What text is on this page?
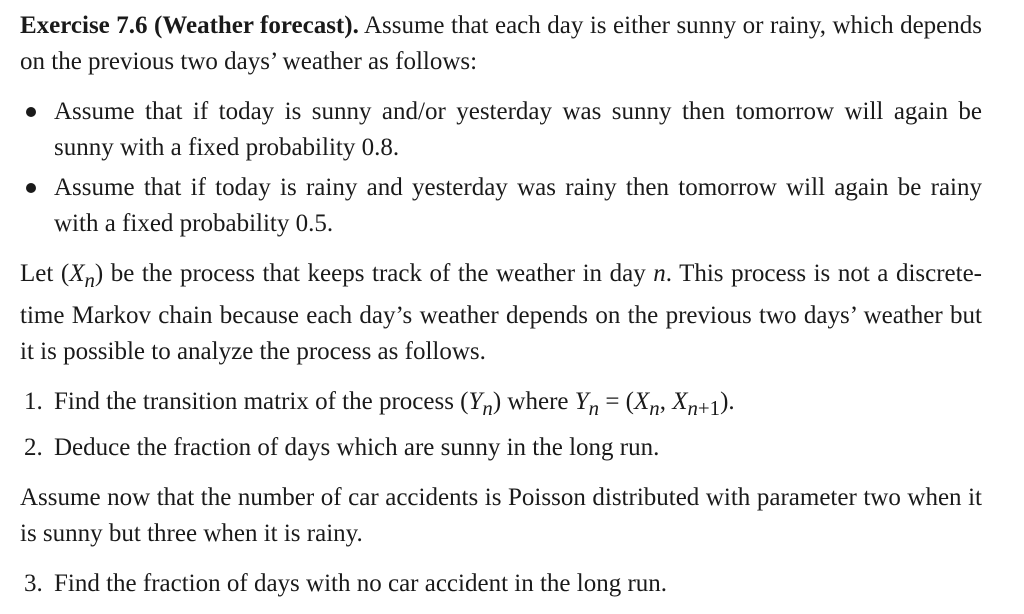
Exercise 7.6 (Weather forecast). Assume that each day is either sunny or rainy, which depends on the previous two days’ weather as follows:

Assume that if today is sunny and/or yesterday was sunny then tomorrow will again be sunny with a fixed probability 0.8.
Assume that if today is rainy and yesterday was rainy then tomorrow will again be rainy with a fixed probability 0.5.

Let $(X_n)$ be the process that keeps track of the weather in day n. This process is not a discrete-time Markov chain because each day’s weather depends on the previous two days’ weather but it is possible to analyze the process as follows.

1. Find the transition matrix of the process $(Y_n)$ where $Y_n = (X_n$, $X_{n+1}$).
2. Deduce the fraction of days which are sunny in the long run.

Assume now that the number of car accidents is Poisson distributed with parameter two when it is sunny but three when it is rainy.

3. Find the fraction of days with no car accident in the long run.
